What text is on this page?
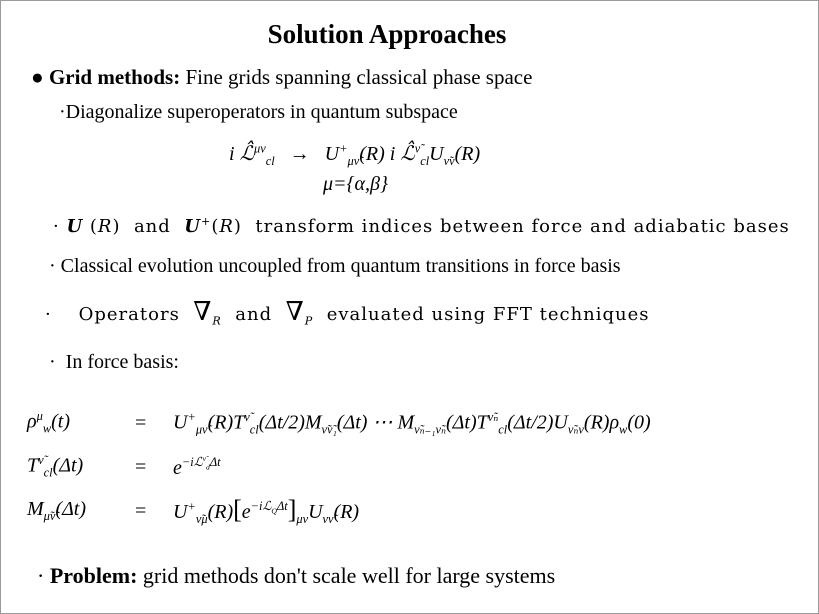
Solution Approaches
● Grid methods: Fine grids spanning classical phase space
·Diagonalize superoperators in quantum subspace
i ℒ̂$^{\mu\nu}_{cl}$   →   $U^+_{\mu\nũ}(R)$ i $ℒ̂^{\nũ}_{cl}U_{\nũ\nu}(R)$
μ={α,β}
· U (R)  and U+(R)  transform indices between force and adiabatic bases
· Classical evolution uncoupled from quantum transitions in force basis
· Operators $\nabla_R$ and $\nabla_P$ evaluated using FFT techniques
· In force basis:
$\rho^\mu_w(t)$	=	$U^+_{\mu\nũ}(R)T^{\nũ}_{cl}(\Delta t/2)M_{\nũ\nũ_1}(\Delta t)$ ⋯ $M_{\nũ_{n-1}\nũ_n}(\Delta t)T^{\nũ_n}_{cl}(\Delta t/2)U_{\nũ_n\nu}(R)\rho_w(0)$
$T^{\nũ}_{cl}(\Delta t)$	=	$e^{-iℒ^{\nũ}_d\Delta t}$
$M_{\mũ\nũ}(\Delta t)$	=	$U^+_{\nũ\mu}(R)[e^{-iℒ_Q\Delta t}]_{\mu\nu}U_{\nu\nũ}(R)$
· Problem: grid methods don't scale well for large systems
